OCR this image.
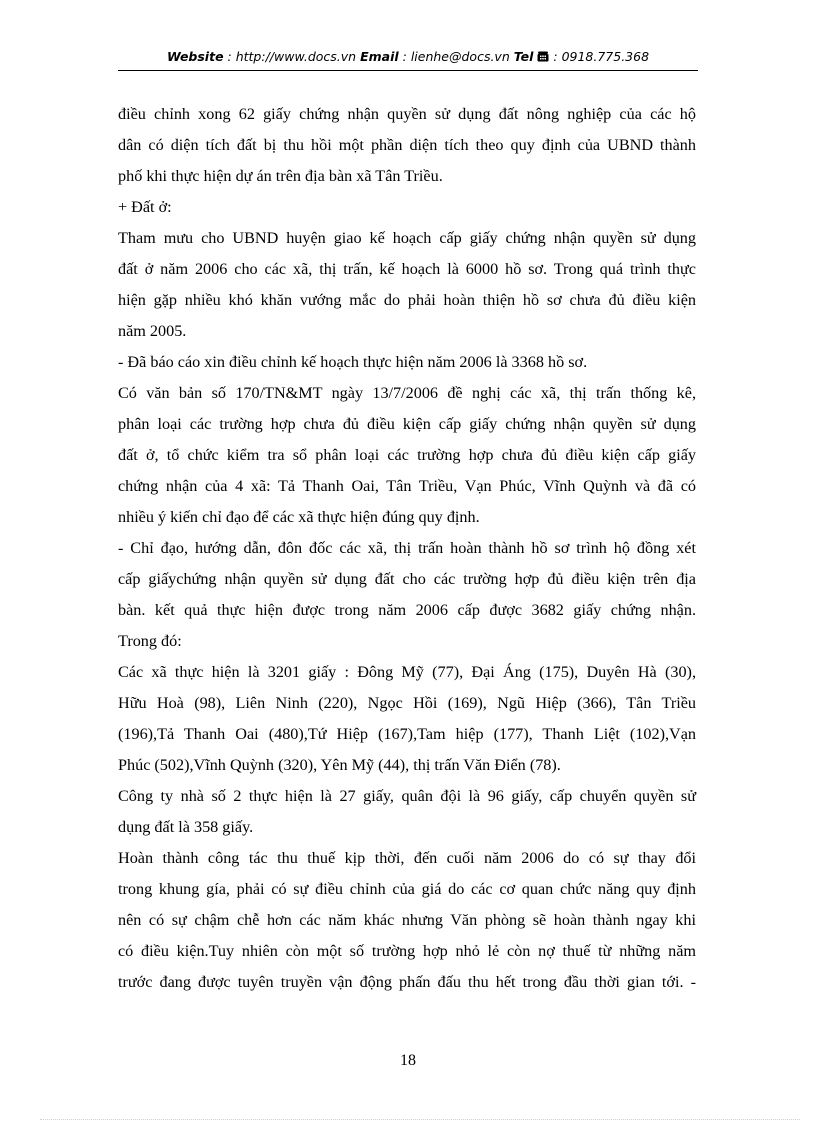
Website : http://www.docs.vn Email : lienhe@docs.vn Tel  : 0918.775.368

điều chỉnh xong 62 giấy chứng nhận quyền sử dụng đất nông nghiệp của các hộ

dân có diện tích đất bị thu hồi một phần diện tích theo quy định của UBND thành

phố khi thực hiện dự án trên địa bàn xã Tân Triều.

+ Đất ở:

Tham mưu cho UBND huyện giao kế hoạch cấp giấy chứng nhận quyền sử dụng

đất ở năm 2006 cho các xã, thị trấn, kế hoạch là 6000 hồ sơ. Trong quá trình thực

hiện gặp nhiều khó khăn vướng mắc do phải hoàn thiện hồ sơ chưa đủ điều kiện

năm 2005.

- Đã báo cáo xin điều chỉnh kế hoạch thực hiện năm 2006 là 3368 hồ sơ.

Có văn bản số 170/TN&MT ngày 13/7/2006 đề nghị các xã, thị trấn thống kê,

phân loại các trường hợp chưa đủ điều kiện cấp giấy chứng nhận quyền sử dụng

đất ở, tổ chức kiểm tra sổ phân loại các trường hợp chưa đủ điều kiện cấp giấy

chứng nhận của 4 xã: Tả Thanh Oai, Tân Triều, Vạn Phúc, Vĩnh Quỳnh và đã có

nhiều ý kiến chỉ đạo để các xã thực hiện đúng quy định.

- Chỉ đạo, hướng dẫn, đôn đốc các xã, thị trấn hoàn thành hồ sơ trình hộ đồng xét

cấp giấychứng nhận quyền sử dụng đất cho các trường hợp đủ điều kiện trên địa

bàn. kết quả thực hiện được trong năm 2006 cấp được 3682 giấy chứng nhận.

Trong đó:

Các xã thực hiện là 3201 giấy : Đông Mỹ (77), Đại Áng (175), Duyên Hà (30),

Hữu Hoà (98), Liên Ninh (220), Ngọc Hồi (169), Ngũ Hiệp (366), Tân Triều

(196),Tả Thanh Oai (480),Tứ Hiệp (167),Tam hiệp (177), Thanh Liệt (102),Vạn

Phúc (502),Vĩnh Quỳnh (320), Yên Mỹ (44), thị trấn Văn Điển (78).

Công ty nhà số 2 thực hiện là 27 giấy, quân đội là 96 giấy, cấp chuyển quyền sử

dụng đất là 358 giấy.

Hoàn thành công tác thu thuế kịp thời, đến cuối năm 2006 do có sự thay đổi

trong khung gía, phải có sự điều chỉnh của giá do các cơ quan chức năng quy định

nên có sự chậm chễ hơn các năm khác nhưng Văn phòng sẽ hoàn thành ngay khi

có điều kiện.Tuy nhiên còn một số trường hợp nhỏ lẻ còn nợ thuế từ những năm

trước đang được tuyên truyền vận động phấn đấu thu hết trong đầu thời gian tới. -

18
